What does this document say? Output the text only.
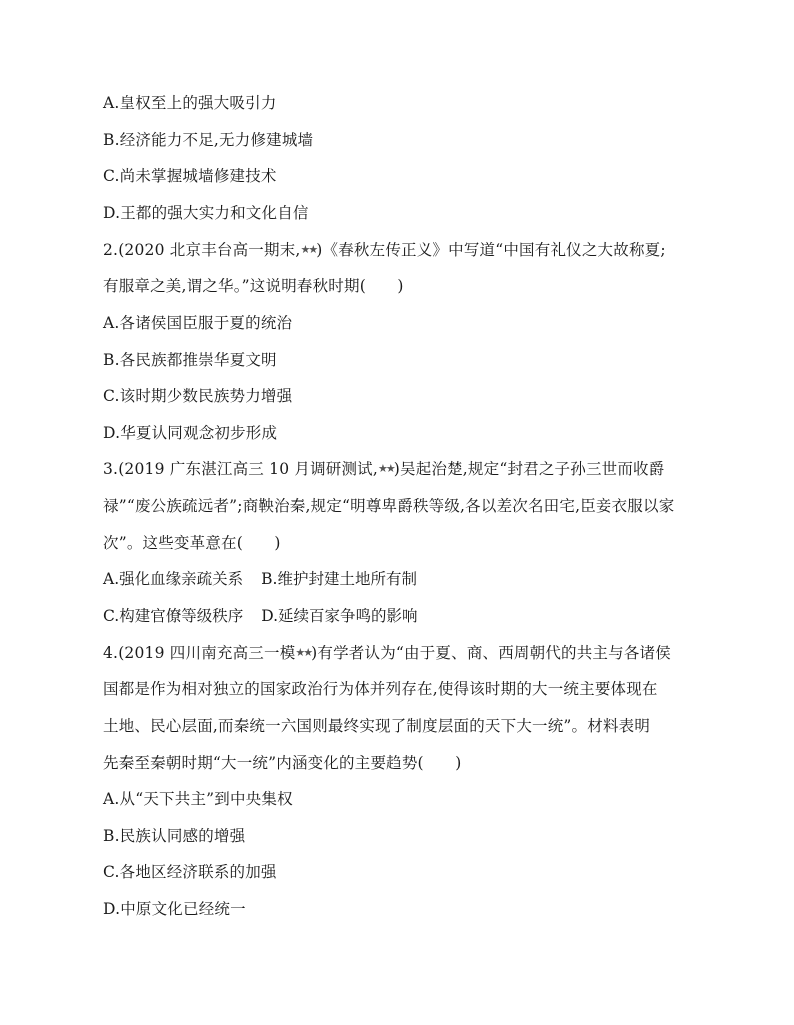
A.皇权至上的强大吸引力
B.经济能力不足,无力修建城墙
C.尚未掌握城墙修建技术
D.王都的强大实力和文化自信
2.(2020 北京丰台高一期末,★★)《春秋左传正义》中写道“中国有礼仪之大故称夏;
有服章之美,谓之华。”这说明春秋时期(　　)
A.各诸侯国臣服于夏的统治
B.各民族都推崇华夏文明
C.该时期少数民族势力增强
D.华夏认同观念初步形成
3.(2019 广东湛江高三 10 月调研测试,★★)吴起治楚,规定“封君之子孙三世而收爵
禄”“废公族疏远者”;商鞅治秦,规定“明尊卑爵秩等级,各以差次名田宅,臣妾衣服以家
次”。这些变革意在(　　)
A.强化血缘亲疏关系 B.维护封建土地所有制
C.构建官僚等级秩序 D.延续百家争鸣的影响
4.(2019 四川南充高三一模★★)有学者认为“由于夏、商、西周朝代的共主与各诸侯
国都是作为相对独立的国家政治行为体并列存在,使得该时期的大一统主要体现在
土地、民心层面,而秦统一六国则最终实现了制度层面的天下大一统”。材料表明
先秦至秦朝时期“大一统”内涵变化的主要趋势(　　)
A.从“天下共主”到中央集权
B.民族认同感的增强
C.各地区经济联系的加强
D.中原文化已经统一
